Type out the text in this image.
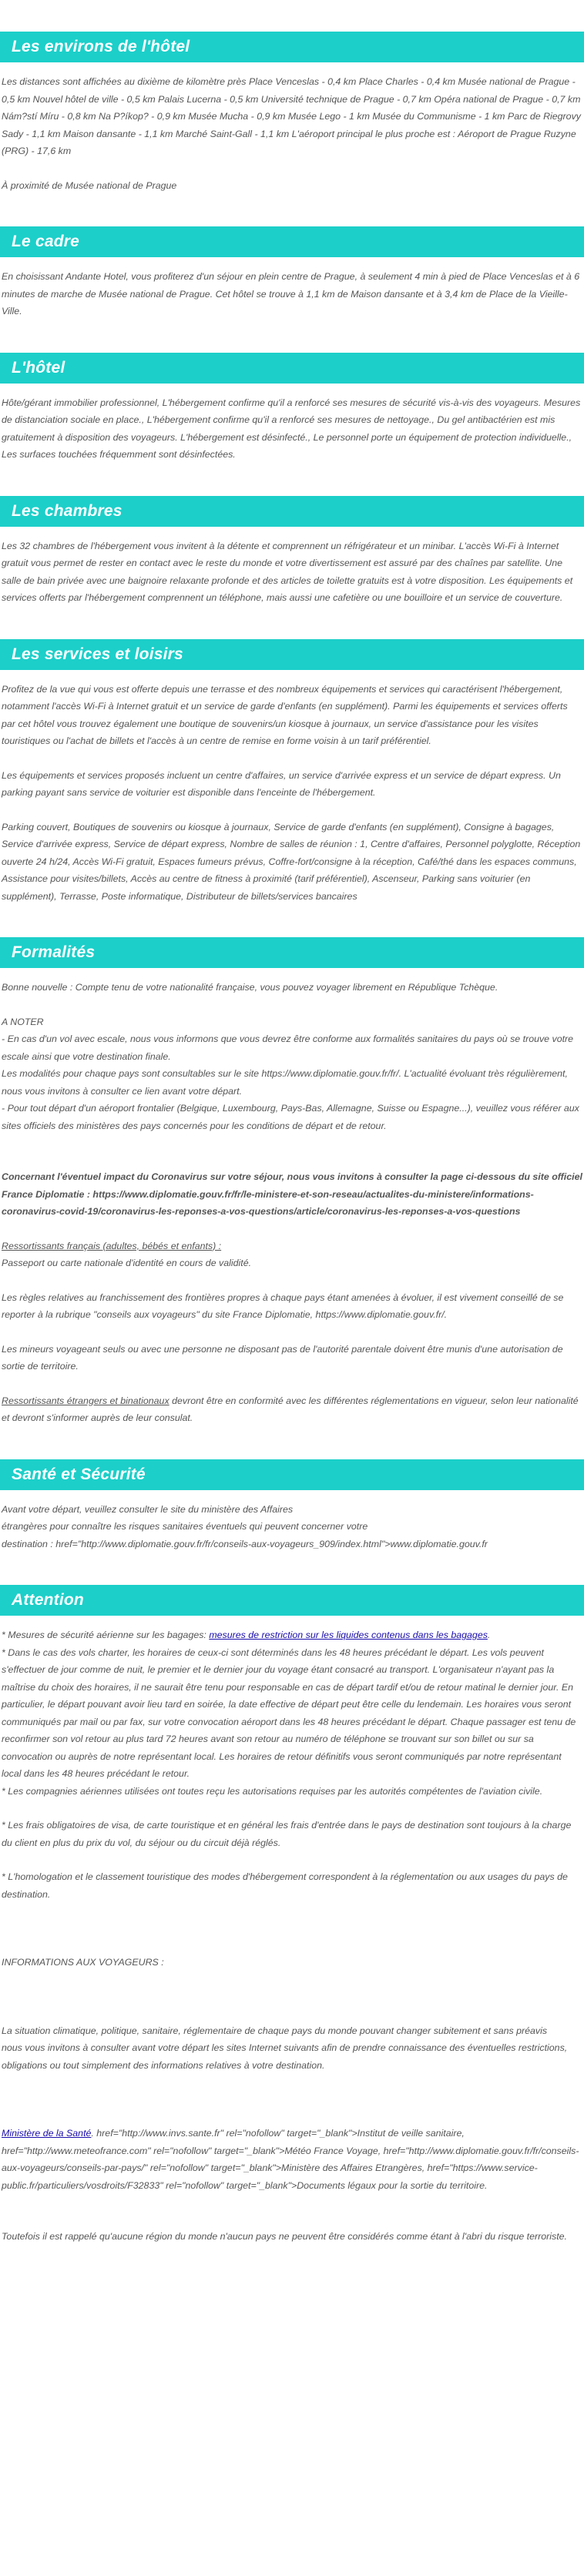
Les environs de l'hôtel

Les distances sont affichées au dixième de kilomètre près Place Venceslas - 0,4 km Place Charles - 0,4 km Musée national de Prague - 0,5 km Nouvel hôtel de ville - 0,5 km Palais Lucerna - 0,5 km Université technique de Prague - 0,7 km Opéra national de Prague - 0,7 km Nám?stí Míru - 0,8 km Na P?íkop? - 0,9 km Musée Mucha - 0,9 km Musée Lego - 1 km Musée du Communisme - 1 km Parc de Riegrovy Sady - 1,1 km Maison dansante - 1,1 km Marché Saint-Gall - 1,1 km L'aéroport principal le plus proche est : Aéroport de Prague Ruzyne (PRG) - 17,6 km

À proximité de Musée national de Prague

Le cadre

En choisissant Andante Hotel, vous profiterez d'un séjour en plein centre de Prague, à seulement 4 min à pied de Place Venceslas et à 6 minutes de marche de Musée national de Prague. Cet hôtel se trouve à 1,1 km de Maison dansante et à 3,4 km de Place de la Vieille-Ville.

L'hôtel

Hôte/gérant immobilier professionnel, L'hébergement confirme qu'il a renforcé ses mesures de sécurité vis-à-vis des voyageurs. Mesures de distanciation sociale en place., L'hébergement confirme qu'il a renforcé ses mesures de nettoyage., Du gel antibactérien est mis gratuitement à disposition des voyageurs. L'hébergement est désinfecté., Le personnel porte un équipement de protection individuelle., Les surfaces touchées fréquemment sont désinfectées.

Les chambres

Les 32 chambres de l'hébergement vous invitent à la détente et comprennent un réfrigérateur et un minibar. L'accès Wi-Fi à Internet gratuit vous permet de rester en contact avec le reste du monde et votre divertissement est assuré par des chaînes par satellite. Une salle de bain privée avec une baignoire relaxante profonde et des articles de toilette gratuits est à votre disposition. Les équipements et services offerts par l'hébergement comprennent un téléphone, mais aussi une cafetière ou une bouilloire et un service de couverture.

Les services et loisirs

Profitez de la vue qui vous est offerte depuis une terrasse et des nombreux équipements et services qui caractérisent l'hébergement, notamment l'accès Wi-Fi à Internet gratuit et un service de garde d'enfants (en supplément). Parmi les équipements et services offerts par cet hôtel vous trouvez également une boutique de souvenirs/un kiosque à journaux, un service d'assistance pour les visites touristiques ou l'achat de billets et l'accès à un centre de remise en forme voisin à un tarif préférentiel.

Les équipements et services proposés incluent un centre d'affaires, un service d'arrivée express et un service de départ express. Un parking payant sans service de voiturier est disponible dans l'enceinte de l'hébergement.

Parking couvert, Boutiques de souvenirs ou kiosque à journaux, Service de garde d'enfants (en supplément), Consigne à bagages, Service d'arrivée express, Service de départ express, Nombre de salles de réunion : 1, Centre d'affaires, Personnel polyglotte, Réception ouverte 24 h/24, Accès Wi-Fi gratuit, Espaces fumeurs prévus, Coffre-fort/consigne à la réception, Café/thé dans les espaces communs, Assistance pour visites/billets, Accès au centre de fitness à proximité (tarif préférentiel), Ascenseur, Parking sans voiturier (en supplément), Terrasse, Poste informatique, Distributeur de billets/services bancaires

Formalités

Bonne nouvelle : Compte tenu de votre nationalité française, vous pouvez voyager librement en République Tchèque.

A NOTER

- En cas d'un vol avec escale, nous vous informons que vous devrez être conforme aux formalités sanitaires du pays où se trouve votre escale ainsi que votre destination finale.

Les modalités pour chaque pays sont consultables sur le site https://www.diplomatie.gouv.fr/fr/. L'actualité évoluant très régulièrement, nous vous invitons à consulter ce lien avant votre départ.

- Pour tout départ d'un aéroport frontalier (Belgique, Luxembourg, Pays-Bas, Allemagne, Suisse ou Espagne...), veuillez vous référer aux sites officiels des ministères des pays concernés pour les conditions de départ et de retour.

Concernant l'éventuel impact du Coronavirus sur votre séjour, nous vous invitons à consulter la page ci-dessous du site officiel France Diplomatie : https://www.diplomatie.gouv.fr/fr/le-ministere-et-son-reseau/actualites-du-ministere/informations-coronavirus-covid-19/coronavirus-les-reponses-a-vos-questions/article/coronavirus-les-reponses-a-vos-questions

Ressortissants français (adultes, bébés et enfants) :

Passeport ou carte nationale d'identité en cours de validité.

Les règles relatives au franchissement des frontières propres à chaque pays étant amenées à évoluer, il est vivement conseillé de se reporter à la rubrique "conseils aux voyageurs" du site France Diplomatie, https://www.diplomatie.gouv.fr/.

Les mineurs voyageant seuls ou avec une personne ne disposant pas de l'autorité parentale doivent être munis d'une autorisation de sortie de territoire.

Ressortissants étrangers et binationaux devront être en conformité avec les différentes réglementations en vigueur, selon leur nationalité et devront s'informer auprès de leur consulat.

Santé et Sécurité

Avant votre départ, veuillez consulter le site du ministère des Affaires

étrangères pour connaître les risques sanitaires éventuels qui peuvent concerner votre

destination : href="http://www.diplomatie.gouv.fr/fr/conseils-aux-voyageurs_909/index.html">www.diplomatie.gouv.fr

Attention

* Mesures de sécurité aérienne sur les bagages: mesures de restriction sur les liquides contenus dans les bagages.

* Dans le cas des vols charter, les horaires de ceux-ci sont déterminés dans les 48 heures précédant le départ. Les vols peuvent s'effectuer de jour comme de nuit, le premier et le dernier jour du voyage étant consacré au transport. L'organisateur n'ayant pas la maîtrise du choix des horaires, il ne saurait être tenu pour responsable en cas de départ tardif et/ou de retour matinal le dernier jour. En particulier, le départ pouvant avoir lieu tard en soirée, la date effective de départ peut être celle du lendemain. Les horaires vous seront communiqués par mail ou par fax, sur votre convocation aéroport dans les 48 heures précédant le départ. Chaque passager est tenu de reconfirmer son vol retour au plus tard 72 heures avant son retour au numéro de téléphone se trouvant sur son billet ou sur sa convocation ou auprès de notre représentant local. Les horaires de retour définitifs vous seront communiqués par notre représentant local dans les 48 heures précédant le retour.

* Les compagnies aériennes utilisées ont toutes reçu les autorisations requises par les autorités compétentes de l'aviation civile.

* Les frais obligatoires de visa, de carte touristique et en général les frais d'entrée dans le pays de destination sont toujours à la charge du client en plus du prix du vol, du séjour ou du circuit déjà réglés.

* L'homologation et le classement touristique des modes d'hébergement correspondent à la réglementation ou aux usages du pays de destination.

INFORMATIONS AUX VOYAGEURS :

La situation climatique, politique, sanitaire, réglementaire de chaque pays du monde pouvant changer subitement et sans préavis

nous vous invitons à consulter avant votre départ les sites Internet suivants afin de prendre connaissance des éventuelles restrictions, obligations ou tout simplement des informations relatives à votre destination.

Ministère de la Santé. href="http://www.invs.sante.fr" rel="nofollow" target="_blank">Institut de veille sanitaire, href="http://www.meteofrance.com" rel="nofollow" target="_blank">Météo France Voyage, href="http://www.diplomatie.gouv.fr/fr/conseils-aux-voyageurs/conseils-par-pays/" rel="nofollow" target="_blank">Ministère des Affaires Etrangères, href="https://www.service-public.fr/particuliers/vosdroits/F32833" rel="nofollow" target="_blank">Documents légaux pour la sortie du territoire.

Toutefois il est rappelé qu'aucune région du monde n'aucun pays ne peuvent être considérés comme étant à l'abri du risque terroriste.
